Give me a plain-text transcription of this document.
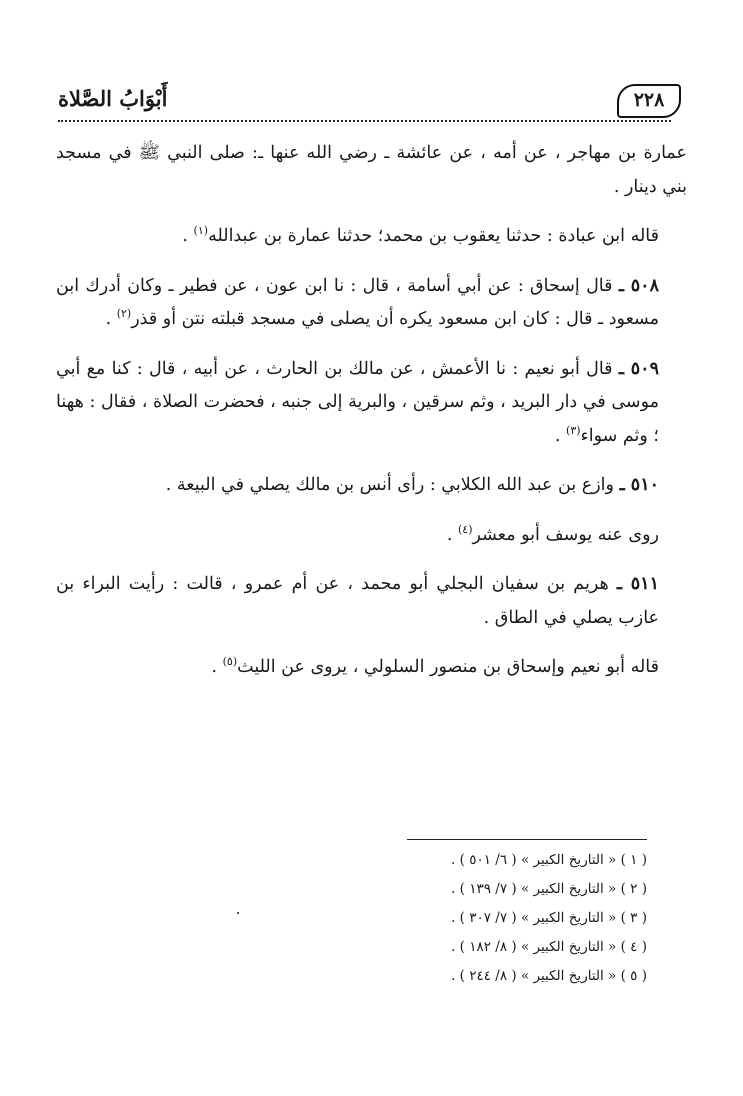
٢٢٨
أَبْوَابُ الصَّلاة

عمارة بن مهاجر ، عن أمه ، عن عائشة ـ رضي الله عنها ـ: صلى النبي ﷺ في مسجد بني دينار .

قاله ابن عبادة : حدثنا يعقوب بن محمد؛ حدثنا عمارة بن عبدالله$^{(١)}$ .

٥٠٨ ـ قال إسحاق : عن أبي أسامة ، قال : نا ابن عون ، عن فطير ـ وكان أدرك ابن مسعود ـ قال : كان ابن مسعود يكره أن يصلى في مسجد قبلته نتن أو قذر$^{(٢)}$ .

٥٠٩ ـ قال أبو نعيم : نا الأعمش ، عن مالك بن الحارث ، عن أبيه ، قال : كنا مع أبي موسى في دار البريد ، وثم سرقين ، والبرية إلى جنبه ، فحضرت الصلاة ، فقال : ههنا ؛ وثم سواء$^{(٣)}$ .

٥١٠ ـ وازع بن عبد الله الكلابي : رأى أنس بن مالك يصلي في البيعة .

روى عنه يوسف أبو معشر$^{(٤)}$ .

٥١١ ـ هريم بن سفيان البجلي أبو محمد ، عن أم عمرو ، قالت : رأيت البراء بن عازب يصلي في الطاق .

قاله أبو نعيم وإسحاق بن منصور السلولي ، يروى عن الليث$^{(٥)}$ .

( ١ ) « التاريخ الكبير » ( ٦/ ٥٠١ ) .

( ٢ ) « التاريخ الكبير » ( ٧/ ١٣٩ ) .

( ٣ ) « التاريخ الكبير » ( ٧/ ٣٠٧ ) .

( ٤ ) « التاريخ الكبير » ( ٨/ ١٨٢ ) .

( ٥ ) « التاريخ الكبير » ( ٨/ ٢٤٤ ) .
